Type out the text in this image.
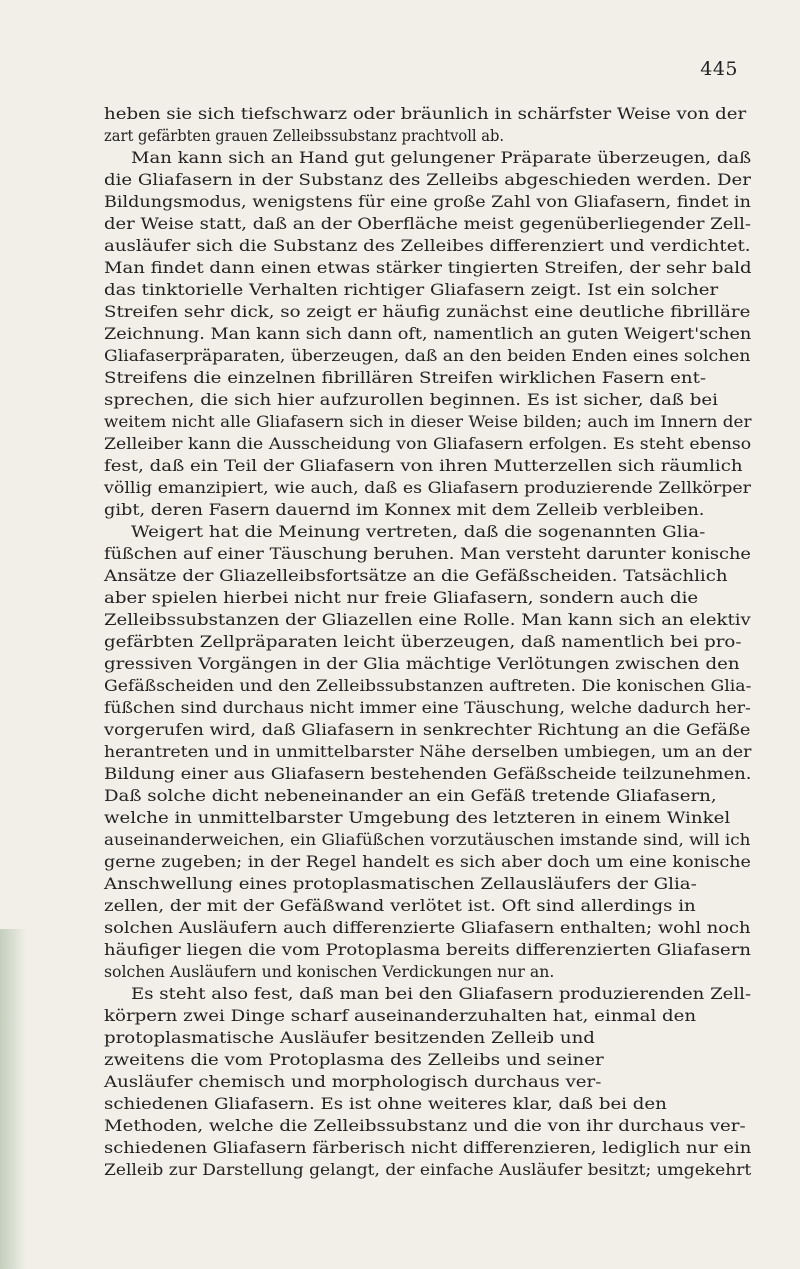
445
heben sie sich tiefschwarz oder bräunlich in schärfster Weise von der
zart gefärbten grauen Zelleibssubstanz prachtvoll ab.
Man kann sich an Hand gut gelungener Präparate überzeugen, daß
die Gliafasern in der Substanz des Zelleibs abgeschieden werden. Der
Bildungsmodus, wenigstens für eine große Zahl von Gliafasern, findet in
der Weise statt, daß an der Oberfläche meist gegenüberliegender Zell-
ausläufer sich die Substanz des Zelleibes differenziert und verdichtet.
Man findet dann einen etwas stärker tingierten Streifen, der sehr bald
das tinktorielle Verhalten richtiger Gliafasern zeigt. Ist ein solcher
Streifen sehr dick, so zeigt er häufig zunächst eine deutliche fibrilläre
Zeichnung. Man kann sich dann oft, namentlich an guten Weigert'schen
Gliafaserpräparaten, überzeugen, daß an den beiden Enden eines solchen
Streifens die einzelnen fibrillären Streifen wirklichen Fasern ent-
sprechen, die sich hier aufzurollen beginnen. Es ist sicher, daß bei
weitem nicht alle Gliafasern sich in dieser Weise bilden; auch im Innern der
Zelleiber kann die Ausscheidung von Gliafasern erfolgen. Es steht ebenso
fest, daß ein Teil der Gliafasern von ihren Mutterzellen sich räumlich
völlig emanzipiert, wie auch, daß es Gliafasern produzierende Zellkörper
gibt, deren Fasern dauernd im Konnex mit dem Zelleib verbleiben.
Weigert hat die Meinung vertreten, daß die sogenannten Glia-
füßchen auf einer Täuschung beruhen. Man versteht darunter konische
Ansätze der Gliazelleibsfortsätze an die Gefäßscheiden. Tatsächlich
aber spielen hierbei nicht nur freie Gliafasern, sondern auch die
Zelleibssubstanzen der Gliazellen eine Rolle. Man kann sich an elektiv
gefärbten Zellpräparaten leicht überzeugen, daß namentlich bei pro-
gressiven Vorgängen in der Glia mächtige Verlötungen zwischen den
Gefäßscheiden und den Zelleibssubstanzen auftreten. Die konischen Glia-
füßchen sind durchaus nicht immer eine Täuschung, welche dadurch her-
vorgerufen wird, daß Gliafasern in senkrechter Richtung an die Gefäße
herantreten und in unmittelbarster Nähe derselben umbiegen, um an der
Bildung einer aus Gliafasern bestehenden Gefäßscheide teilzunehmen.
Daß solche dicht nebeneinander an ein Gefäß tretende Gliafasern,
welche in unmittelbarster Umgebung des letzteren in einem Winkel
auseinanderweichen, ein Gliafüßchen vorzutäuschen imstande sind, will ich
gerne zugeben; in der Regel handelt es sich aber doch um eine konische
Anschwellung eines protoplasmatischen Zellausläufers der Glia-
zellen, der mit der Gefäßwand verlötet ist. Oft sind allerdings in
solchen Ausläufern auch differenzierte Gliafasern enthalten; wohl noch
häufiger liegen die vom Protoplasma bereits differenzierten Gliafasern
solchen Ausläufern und konischen Verdickungen nur an.
Es steht also fest, daß man bei den Gliafasern produzierenden Zell-
körpern zwei Dinge scharf auseinanderzuhalten hat, einmal den
protoplasmatische Ausläufer besitzenden Zelleib und
zweitens die vom Protoplasma des Zelleibs und seiner
Ausläufer chemisch und morphologisch durchaus ver-
schiedenen Gliafasern. Es ist ohne weiteres klar, daß bei den
Methoden, welche die Zelleibssubstanz und die von ihr durchaus ver-
schiedenen Gliafasern färberisch nicht differenzieren, lediglich nur ein
Zelleib zur Darstellung gelangt, der einfache Ausläufer besitzt; umgekehrt
